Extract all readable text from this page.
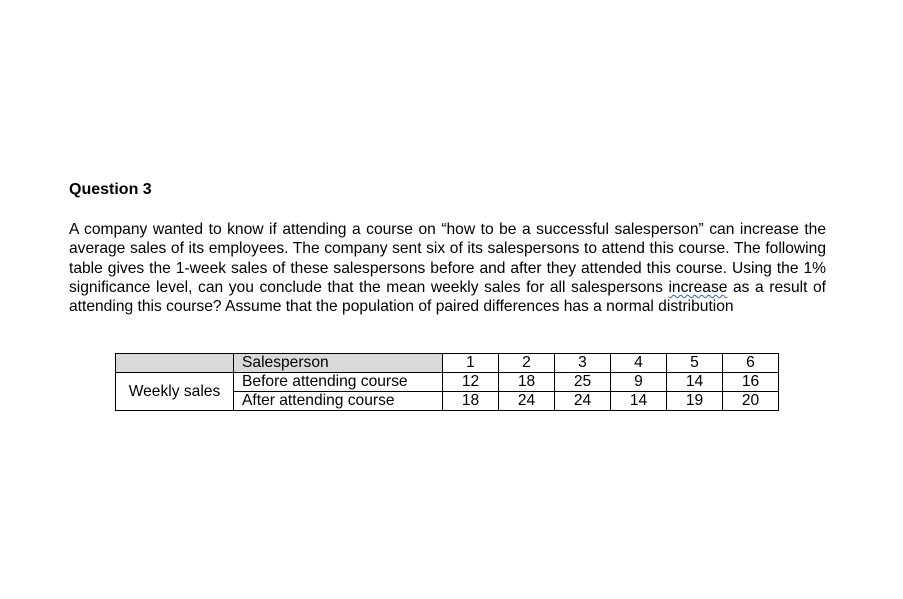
Question 3

A company wanted to know if attending a course on “how to be a successful salesperson” can increase the average sales of its employees. The company sent six of its salespersons to attend this course. The following table gives the 1-week sales of these salespersons before and after they attended this course. Using the 1% significance level, can you conclude that the mean weekly sales for all salespersons increase as a result of attending this course? Assume that the population of paired differences has a normal distribution

	Salesperson	1	2	3	4	5	6
Weekly sales	Before attending course	12	18	25	9	14	16
	After attending course	18	24	24	14	19	20
